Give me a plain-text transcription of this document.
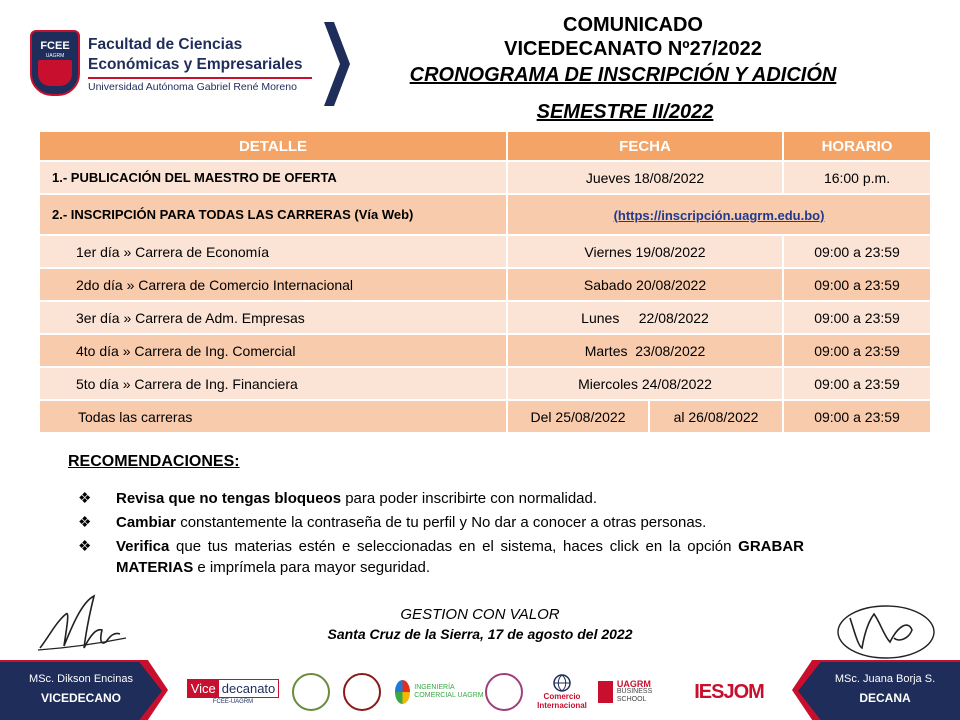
FCEE
UAGRM
Facultad de Ciencias
Económicas y Empresariales
Universidad Autónoma Gabriel René Moreno
COMUNICADO
VICEDECANATO Nº27/2022
CRONOGRAMA DE INSCRIPCIÓN Y ADICIÓN
SEMESTRE II/2022
DETALLE	FECHA		HORARIO
1.- PUBLICACIÓN DEL MAESTRO DE OFERTA	Jueves 18/08/2022		16:00 p.m.
2.- INSCRIPCIÓN PARA TODAS LAS CARRERAS (Vía Web)	(https://inscripción.uagrm.edu.bo)		
1er día » Carrera de Economía	Viernes 19/08/2022		09:00 a 23:59
2do día » Carrera de Comercio Internacional	Sabado 20/08/2022		09:00 a 23:59
3er día » Carrera de Adm. Empresas	Lunes     22/08/2022		09:00 a 23:59
4to día » Carrera de Ing. Comercial	Martes  23/08/2022		09:00 a 23:59
5to día » Carrera de Ing. Financiera	Miercoles 24/08/2022		09:00 a 23:59
Todas las carreras	Del 25/08/2022	al 26/08/2022	09:00 a 23:59
RECOMENDACIONES:
❖ Revisa que no tengas bloqueos para poder inscribirte con normalidad.
❖ Cambiar constantemente la contraseña de tu perfil y No dar a conocer a otras personas.
❖ Verifica que tus materias estén e seleccionadas en el sistema, haces click en la opción GRABAR MATERIAS e imprímela para mayor seguridad.
GESTION CON VALOR
Santa Cruz de la Sierra, 17 de agosto del 2022
MSc. Dikson Encinas
VICEDECANO
MSc. Juana Borja S.
DECANA
Vice decanato
FCEE-UAGRM
INGENIERÍA COMERCIAL UAGRM	Comercio Internacional
UAGRM
BUSINESS SCHOOL	IESJOM
